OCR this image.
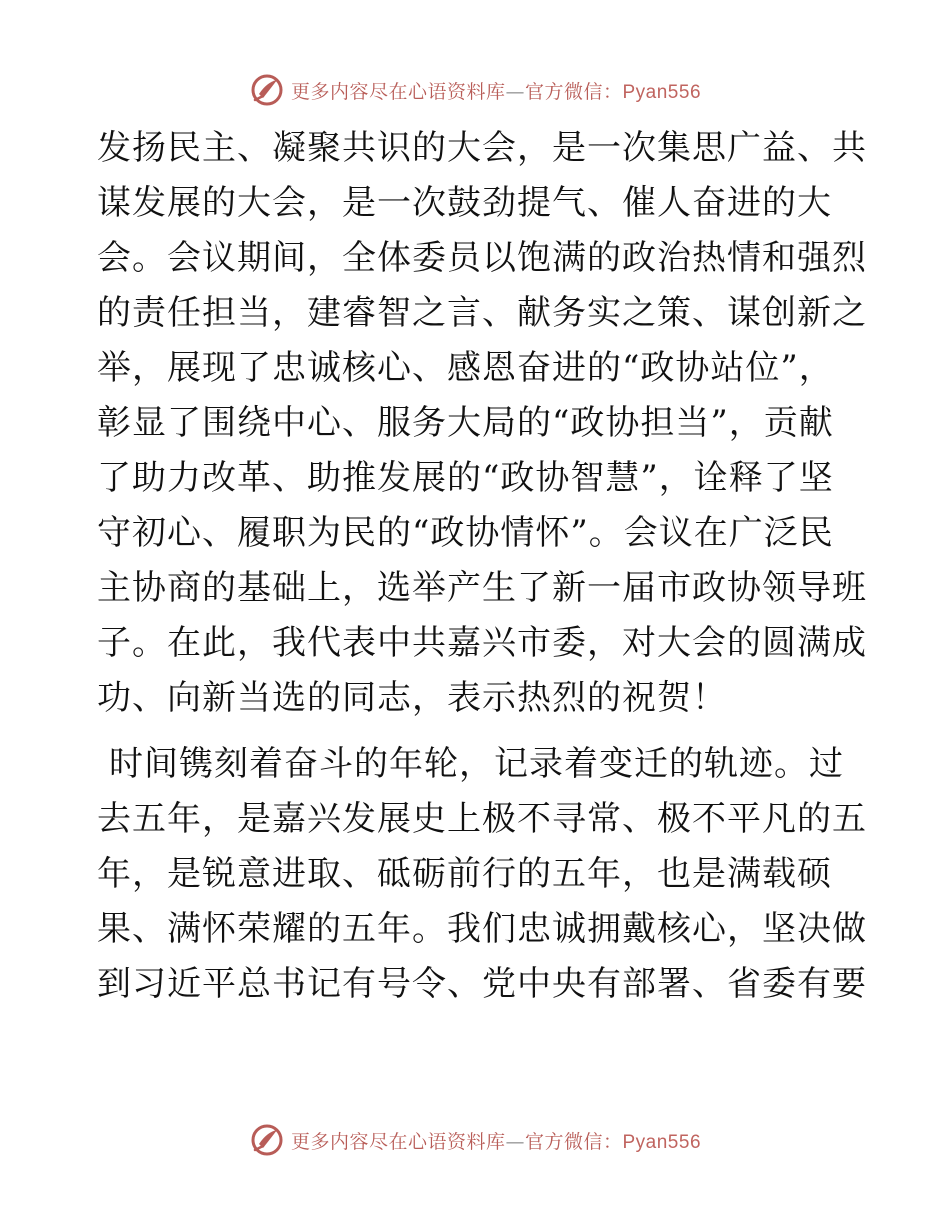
更多内容尽在心语资料库—官方微信：Pyan556
发扬民主、凝聚共识的大会，是一次集思广益、共
谋发展的大会，是一次鼓劲提气、催人奋进的大
会。会议期间，全体委员以饱满的政治热情和强烈
的责任担当，建睿智之言、献务实之策、谋创新之
举，展现了忠诚核心、感恩奋进的“政协站位”，
彰显了围绕中心、服务大局的“政协担当”，贡献
了助力改革、助推发展的“政协智慧”，诠释了坚
守初心、履职为民的“政协情怀”。会议在广泛民
主协商的基础上，选举产生了新一届市政协领导班
子。在此，我代表中共嘉兴市委，对大会的圆满成
功、向新当选的同志，表示热烈的祝贺！
时间镌刻着奋斗的年轮，记录着变迁的轨迹。过
去五年，是嘉兴发展史上极不寻常、极不平凡的五
年，是锐意进取、砥砺前行的五年，也是满载硕
果、满怀荣耀的五年。我们忠诚拥戴核心，坚决做
到习近平总书记有号令、党中央有部署、省委有要
更多内容尽在心语资料库—官方微信：Pyan556
